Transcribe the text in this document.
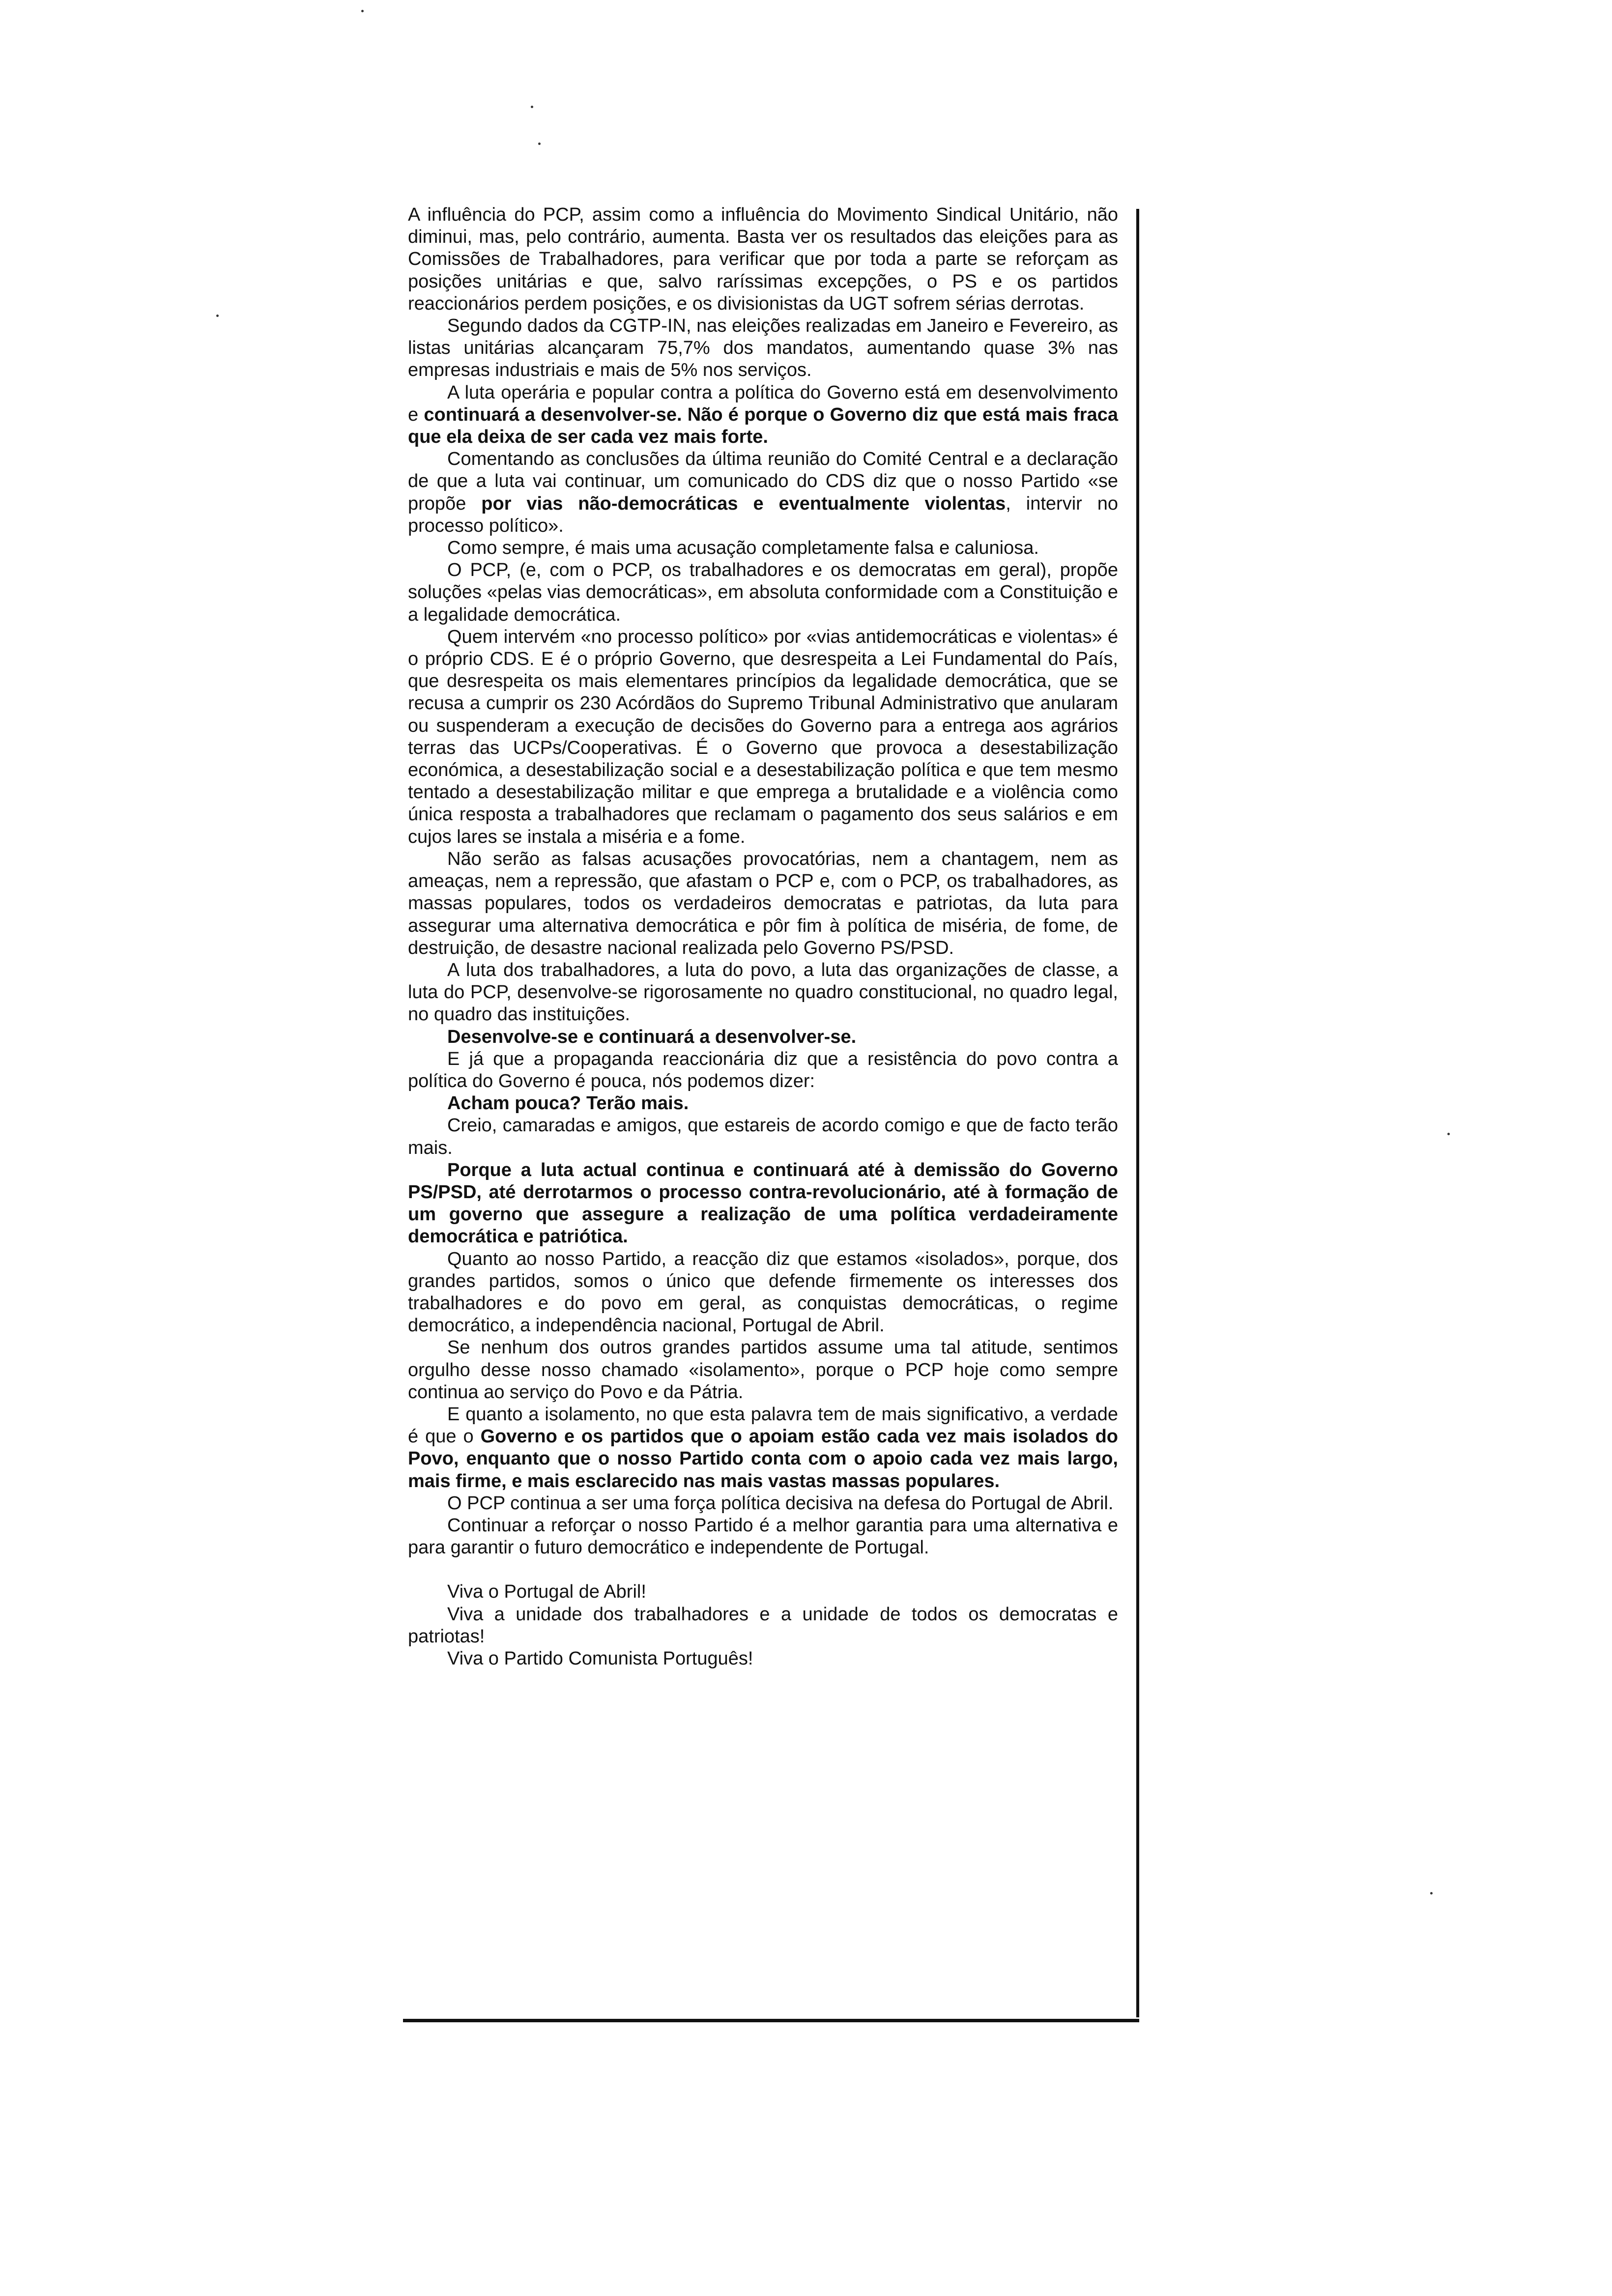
A influência do PCP, assim como a influência do Movimento Sindical Unitário, não diminui, mas, pelo contrário, aumenta. Basta ver os resultados das eleições para as Comissões de Trabalhadores, para verificar que por toda a parte se reforçam as posições unitárias e que, salvo raríssimas excepções, o PS e os partidos reaccionários perdem posições, e os divisionistas da UGT sofrem sérias derrotas.

Segundo dados da CGTP-IN, nas eleições realizadas em Janeiro e Fevereiro, as listas unitárias alcançaram 75,7% dos mandatos, aumentando quase 3% nas empresas industriais e mais de 5% nos serviços.

A luta operária e popular contra a política do Governo está em desenvolvimento e continuará a desenvolver-se. Não é porque o Governo diz que está mais fraca que ela deixa de ser cada vez mais forte.

Comentando as conclusões da última reunião do Comité Central e a declaração de que a luta vai continuar, um comunicado do CDS diz que o nosso Partido «se propõe por vias não-democráticas e eventualmente violentas, intervir no processo político».

Como sempre, é mais uma acusação completamente falsa e caluniosa.

O PCP, (e, com o PCP, os trabalhadores e os democratas em geral), propõe soluções «pelas vias democráticas», em absoluta conformidade com a Constituição e a legalidade democrática.

Quem intervém «no processo político» por «vias antidemocráticas e violentas» é o próprio CDS. E é o próprio Governo, que desrespeita a Lei Fundamental do País, que desrespeita os mais elementares princípios da legalidade democrática, que se recusa a cumprir os 230 Acórdãos do Supremo Tribunal Administrativo que anularam ou suspenderam a execução de decisões do Governo para a entrega aos agrários terras das UCPs/Cooperativas. É o Governo que provoca a desestabilização económica, a desestabilização social e a desestabilização política e que tem mesmo tentado a desestabilização militar e que emprega a brutalidade e a violência como única resposta a trabalhadores que reclamam o pagamento dos seus salários e em cujos lares se instala a miséria e a fome.

Não serão as falsas acusações provocatórias, nem a chantagem, nem as ameaças, nem a repressão, que afastam o PCP e, com o PCP, os trabalhadores, as massas populares, todos os verdadeiros democratas e patriotas, da luta para assegurar uma alternativa democrática e pôr fim à política de miséria, de fome, de destruição, de desastre nacional realizada pelo Governo PS/PSD.

A luta dos trabalhadores, a luta do povo, a luta das organizações de classe, a luta do PCP, desenvolve-se rigorosamente no quadro constitucional, no quadro legal, no quadro das instituições.

Desenvolve-se e continuará a desenvolver-se.

E já que a propaganda reaccionária diz que a resistência do povo contra a política do Governo é pouca, nós podemos dizer:

Acham pouca? Terão mais.

Creio, camaradas e amigos, que estareis de acordo comigo e que de facto terão mais.

Porque a luta actual continua e continuará até à demissão do Governo PS/PSD, até derrotarmos o processo contra-revolucionário, até à formação de um governo que assegure a realização de uma política verdadeiramente democrática e patriótica.

Quanto ao nosso Partido, a reacção diz que estamos «isolados», porque, dos grandes partidos, somos o único que defende firmemente os interesses dos trabalhadores e do povo em geral, as conquistas democráticas, o regime democrático, a independência nacional, Portugal de Abril.

Se nenhum dos outros grandes partidos assume uma tal atitude, sentimos orgulho desse nosso chamado «isolamento», porque o PCP hoje como sempre continua ao serviço do Povo e da Pátria.

E quanto a isolamento, no que esta palavra tem de mais significativo, a verdade é que o Governo e os partidos que o apoiam estão cada vez mais isolados do Povo, enquanto que o nosso Partido conta com o apoio cada vez mais largo, mais firme, e mais esclarecido nas mais vastas massas populares.

O PCP continua a ser uma força política decisiva na defesa do Portugal de Abril.

Continuar a reforçar o nosso Partido é a melhor garantia para uma alternativa e para garantir o futuro democrático e independente de Portugal.

Viva o Portugal de Abril!

Viva a unidade dos trabalhadores e a unidade de todos os democratas e patriotas!

Viva o Partido Comunista Português!
